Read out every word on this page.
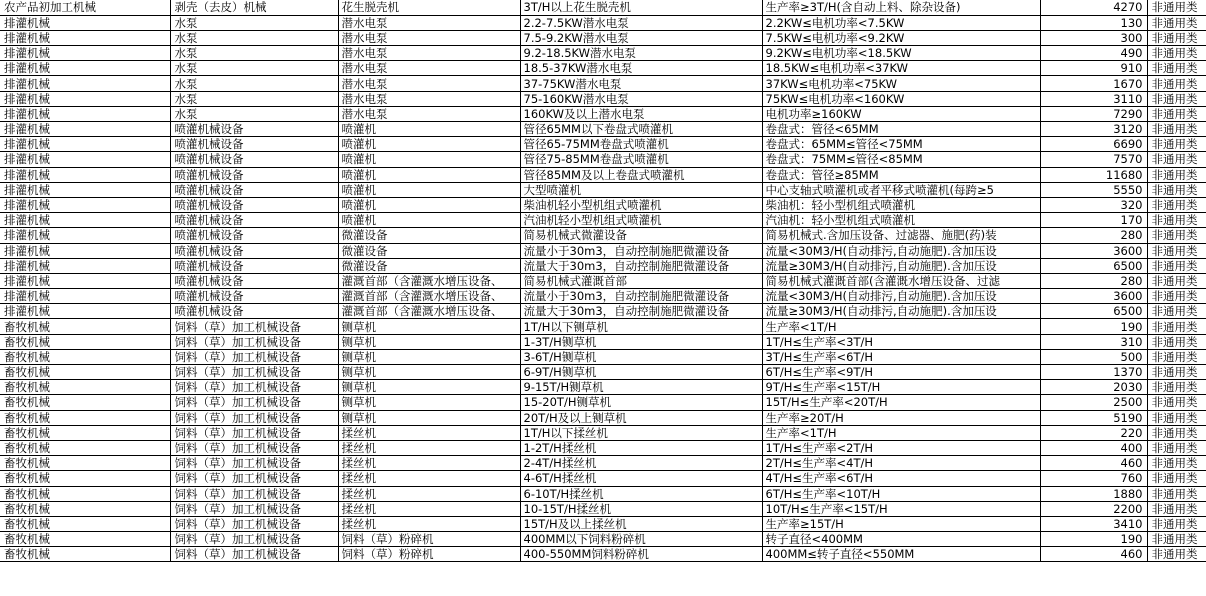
农产品初加工机械	剥壳（去皮）机械	花生脱壳机	3T/H以上花生脱壳机	生产率≥3T/H(含自动上料、除杂设备)	4270	非通用类
排灌机械	水泵	潜水电泵	2.2-7.5KW潜水电泵	2.2KW≤电机功率<7.5KW	130	非通用类
排灌机械	水泵	潜水电泵	7.5-9.2KW潜水电泵	7.5KW≤电机功率<9.2KW	300	非通用类
排灌机械	水泵	潜水电泵	9.2-18.5KW潜水电泵	9.2KW≤电机功率<18.5KW	490	非通用类
排灌机械	水泵	潜水电泵	18.5-37KW潜水电泵	18.5KW≤电机功率<37KW	910	非通用类
排灌机械	水泵	潜水电泵	37-75KW潜水电泵	37KW≤电机功率<75KW	1670	非通用类
排灌机械	水泵	潜水电泵	75-160KW潜水电泵	75KW≤电机功率<160KW	3110	非通用类
排灌机械	水泵	潜水电泵	160KW及以上潜水电泵	电机功率≥160KW	7290	非通用类
排灌机械	喷灌机械设备	喷灌机	管径65MM以下卷盘式喷灌机	卷盘式：管径<65MM	3120	非通用类
排灌机械	喷灌机械设备	喷灌机	管径65-75MM卷盘式喷灌机	卷盘式：65MM≤管径<75MM	6690	非通用类
排灌机械	喷灌机械设备	喷灌机	管径75-85MM卷盘式喷灌机	卷盘式：75MM≤管径<85MM	7570	非通用类
排灌机械	喷灌机械设备	喷灌机	管径85MM及以上卷盘式喷灌机	卷盘式：管径≥85MM	11680	非通用类
排灌机械	喷灌机械设备	喷灌机	大型喷灌机	中心支轴式喷灌机或者平移式喷灌机(每跨≥5	5550	非通用类
排灌机械	喷灌机械设备	喷灌机	柴油机轻小型机组式喷灌机	柴油机：轻小型机组式喷灌机	320	非通用类
排灌机械	喷灌机械设备	喷灌机	汽油机轻小型机组式喷灌机	汽油机：轻小型机组式喷灌机	170	非通用类
排灌机械	喷灌机械设备	微灌设备	简易机械式微灌设备	简易机械式.含加压设备、过滤器、施肥(药)装	280	非通用类
排灌机械	喷灌机械设备	微灌设备	流量小于30m3，自动控制施肥微灌设备	流量<30M3/H(自动排污,自动施肥).含加压设	3600	非通用类
排灌机械	喷灌机械设备	微灌设备	流量大于30m3，自动控制施肥微灌设备	流量≥30M3/H(自动排污,自动施肥).含加压设	6500	非通用类
排灌机械	喷灌机械设备	灌溉首部（含灌溉水增压设备、	简易机械式灌溉首部	简易机械式灌溉首部(含灌溉水增压设备、过滤	280	非通用类
排灌机械	喷灌机械设备	灌溉首部（含灌溉水增压设备、	流量小于30m3，自动控制施肥微灌设备	流量<30M3/H(自动排污,自动施肥).含加压设	3600	非通用类
排灌机械	喷灌机械设备	灌溉首部（含灌溉水增压设备、	流量大于30m3，自动控制施肥微灌设备	流量≥30M3/H(自动排污,自动施肥).含加压设	6500	非通用类
畜牧机械	饲料（草）加工机械设备	铡草机	1T/H以下铡草机	生产率<1T/H	190	非通用类
畜牧机械	饲料（草）加工机械设备	铡草机	1-3T/H铡草机	1T/H≤生产率<3T/H	310	非通用类
畜牧机械	饲料（草）加工机械设备	铡草机	3-6T/H铡草机	3T/H≤生产率<6T/H	500	非通用类
畜牧机械	饲料（草）加工机械设备	铡草机	6-9T/H铡草机	6T/H≤生产率<9T/H	1370	非通用类
畜牧机械	饲料（草）加工机械设备	铡草机	9-15T/H铡草机	9T/H≤生产率<15T/H	2030	非通用类
畜牧机械	饲料（草）加工机械设备	铡草机	15-20T/H铡草机	15T/H≤生产率<20T/H	2500	非通用类
畜牧机械	饲料（草）加工机械设备	铡草机	20T/H及以上铡草机	生产率≥20T/H	5190	非通用类
畜牧机械	饲料（草）加工机械设备	揉丝机	1T/H以下揉丝机	生产率<1T/H	220	非通用类
畜牧机械	饲料（草）加工机械设备	揉丝机	1-2T/H揉丝机	1T/H≤生产率<2T/H	400	非通用类
畜牧机械	饲料（草）加工机械设备	揉丝机	2-4T/H揉丝机	2T/H≤生产率<4T/H	460	非通用类
畜牧机械	饲料（草）加工机械设备	揉丝机	4-6T/H揉丝机	4T/H≤生产率<6T/H	760	非通用类
畜牧机械	饲料（草）加工机械设备	揉丝机	6-10T/H揉丝机	6T/H≤生产率<10T/H	1880	非通用类
畜牧机械	饲料（草）加工机械设备	揉丝机	10-15T/H揉丝机	10T/H≤生产率<15T/H	2200	非通用类
畜牧机械	饲料（草）加工机械设备	揉丝机	15T/H及以上揉丝机	生产率≥15T/H	3410	非通用类
畜牧机械	饲料（草）加工机械设备	饲料（草）粉碎机	400MM以下饲料粉碎机	转子直径<400MM	190	非通用类
畜牧机械	饲料（草）加工机械设备	饲料（草）粉碎机	400-550MM饲料粉碎机	400MM≤转子直径<550MM	460	非通用类
